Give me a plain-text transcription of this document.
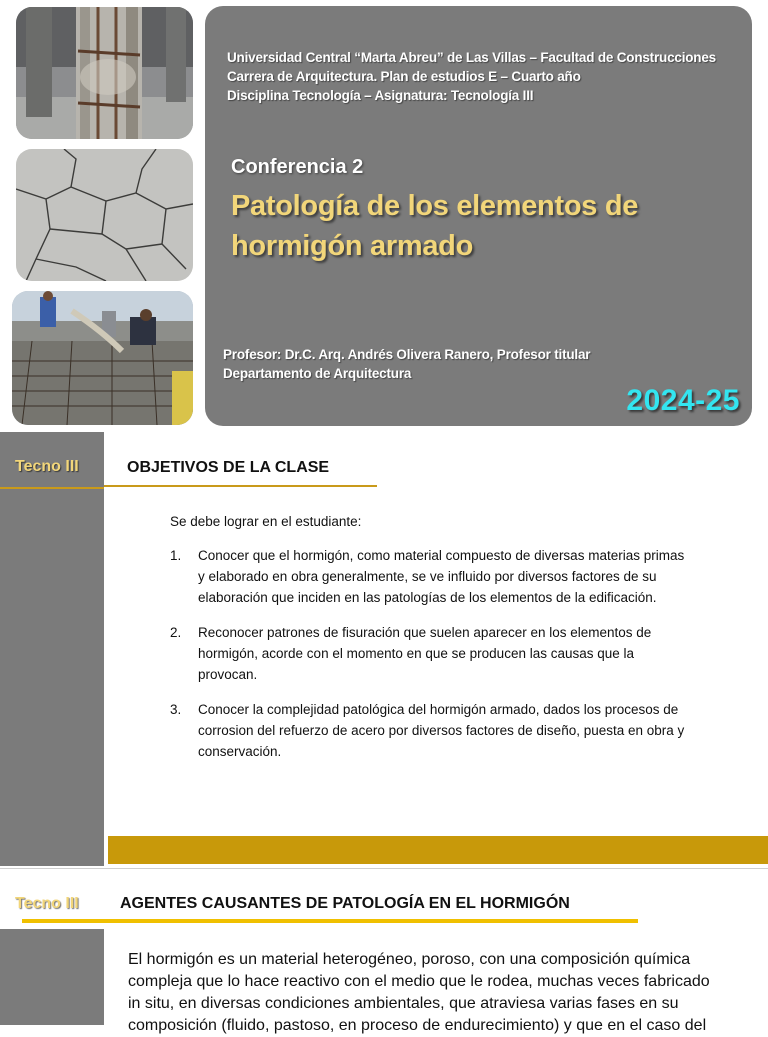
Universidad Central “Marta Abreu” de Las Villas – Facultad de Construcciones
Carrera de Arquitectura. Plan de estudios E – Cuarto año
Disciplina Tecnología – Asignatura: Tecnología III
Conferencia 2
Patología de los elementos de hormigón armado
Profesor: Dr.C. Arq. Andrés Olivera Ranero, Profesor titular
Departamento de Arquitectura
2024-25
Tecno III	OBJETIVOS DE LA CLASE
Se debe lograr en el estudiante:
1. Conocer que el hormigón, como material compuesto de diversas materias primas y elaborado en obra generalmente, se ve influido por diversos factores de su elaboración que inciden en las patologías de los elementos de la edificación.
2. Reconocer patrones de fisuración que suelen aparecer en los elementos de hormigón, acorde con el momento en que se producen las causas que la provocan.
3. Conocer la complejidad patológica del hormigón armado, dados los procesos de corrosion del refuerzo de acero por diversos factores de diseño, puesta en obra y conservación.
Tecno III	AGENTES CAUSANTES DE PATOLOGÍA EN EL HORMIGÓN
El hormigón es un material heterogéneo, poroso, con una composición química compleja que lo hace reactivo con el medio que le rodea, muchas veces fabricado in situ, en diversas condiciones ambientales, que atraviesa varias fases en su composición (fluido, pastoso, en proceso de endurecimiento) y que en el caso del
